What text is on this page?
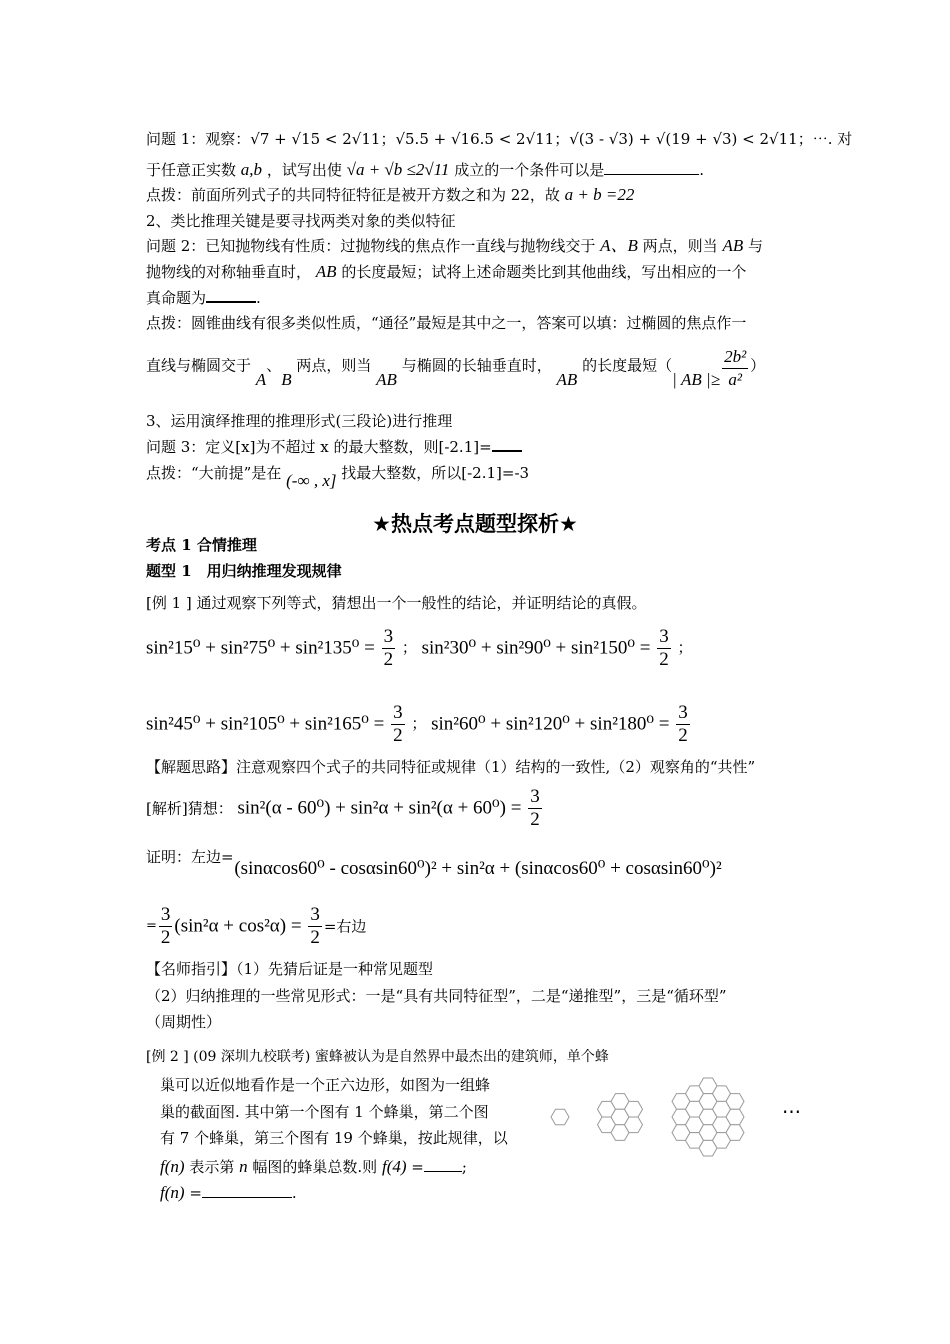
问题 1：观察：√7 + √15 < 2√11；√5.5 + √16.5 < 2√11；√(3 - √3) + √(19 + √3) < 2√11；⋯. 对
于任意正实数 a,b ，试写出使 √a + √b ≤2√11 成立的一个条件可以是	.
点拨：前面所列式子的共同特征特征是被开方数之和为 22，故 a + b =22
2、类比推理关键是要寻找两类对象的类似特征
问题 2：已知抛物线有性质：过抛物线的焦点作一直线与抛物线交于 A、B 两点，则当 AB 与
抛物线的对称轴垂直时， AB 的长度最短；试将上述命题类比到其他曲线，写出相应的一个
真命题为	.
点拨：圆锥曲线有很多类似性质，“通径”最短是其中之一，答案可以填：过椭圆的焦点作一
直线与椭圆交于 A、B 两点，则当 AB 与椭圆的长轴垂直时， AB 的长度最短（| AB |≥ $\frac{\text{2b²}}{\text{a²}}$ ）
3、运用演绎推理的推理形式(三段论)进行推理
问题 3：定义[x]为不超过 x 的最大整数，则[-2.1]=
点拨：“大前提”是在 (-∞ , x] 找最大整数，所以[-2.1]=-3
★热点考点题型探析★
考点 1 合情推理
题型 1　用归纳推理发现规律
[例 1 ] 通过观察下列等式，猜想出一个一般性的结论，并证明结论的真假。
$\sin^215^0 + \sin^275^0 + \sin^2135^0 = \frac{3}{2}$ ； $\sin^230^0 + \sin^290^0 + \sin^2150^0 = \frac{3}{2}$ ；
$\sin^245^0 + \sin^2105^0 + \sin^2165^0 = \frac{3}{2}$ ； $\sin^260^0 + \sin^2120^0 + \sin^2180^0 = \frac{3}{2}$
【解题思路】注意观察四个式子的共同特征或规律（1）结构的一致性,（2）观察角的“共性”
[解析]猜想： $\sin^2(\alpha - 60^0) + \sin^2\alpha + \sin^2(\alpha + 60^0) = \frac{3}{2}$
证明：左边= (sinαcos60⁰ - cosαsin60⁰)² + sin²α + (sinαcos60⁰ + cosαsin60⁰)²
= $\frac{3}{2} (\sin^2\alpha + \cos^2\alpha) = \frac{3}{2}$ =右边
【名师指引】（1）先猜后证是一种常见题型
（2）归纳推理的一些常见形式：一是“具有共同特征型”，二是“递推型”，三是“循环型”
（周期性）
[例 2 ] (09 深圳九校联考) 蜜蜂被认为是自然界中最杰出的建筑师，单个蜂
巢可以近似地看作是一个正六边形，如图为一组蜂
巢的截面图. 其中第一个图有 1 个蜂巢，第二个图
有 7 个蜂巢，第三个图有 19 个蜂巢，按此规律，以
f(n) 表示第 n 幅图的蜂巢总数.则 f(4) =	;
f(n) =	.
⋯
